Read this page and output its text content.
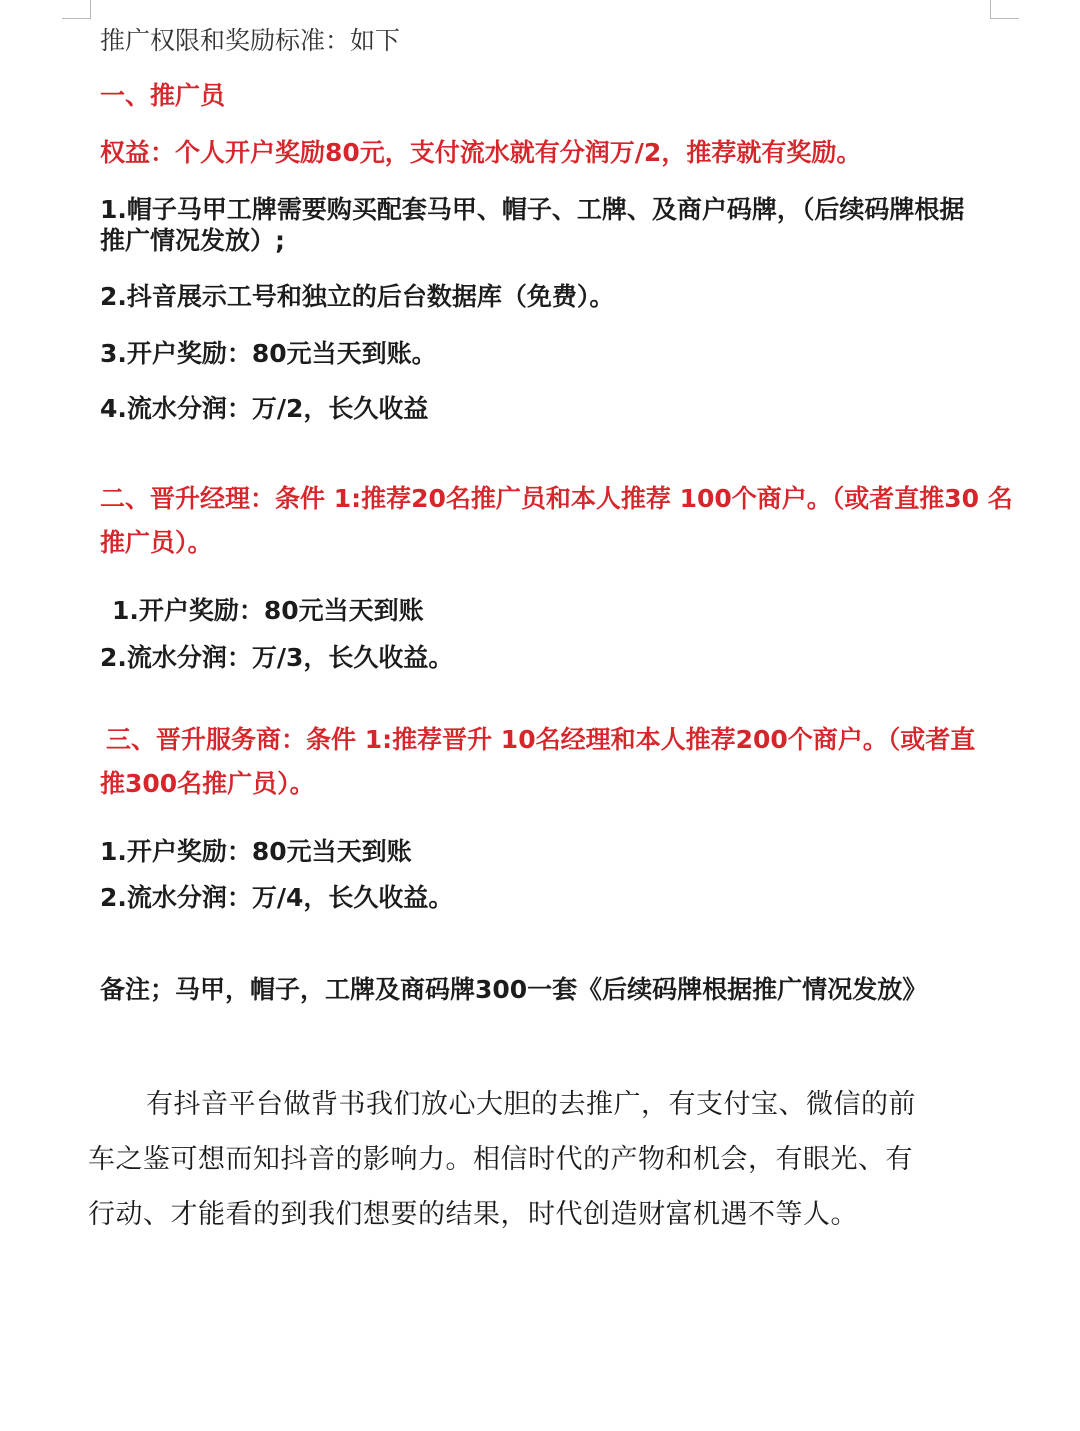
推广权限和奖励标准：如下
一、推广员
权益：个人开户奖励80元，支付流水就有分润万/2，推荐就有奖励。
1.帽子马甲工牌需要购买配套马甲、帽子、工牌、及商户码牌，（后续码牌根据
推广情况发放）;
2.抖音展示工号和独立的后台数据库（免费）。
3.开户奖励：80元当天到账。
4.流水分润：万/2，长久收益
二、晋升经理：条件 1:推荐20名推广员和本人推荐 100个商户。（或者直推30 名
推广员）。
1.开户奖励：80元当天到账
2.流水分润：万/3，长久收益。
三、晋升服务商：条件 1:推荐晋升 10名经理和本人推荐200个商户。（或者直
推300名推广员）。
1.开户奖励：80元当天到账
2.流水分润：万/4，长久收益。
备注；马甲，帽子，工牌及商码牌300一套《后续码牌根据推广情况发放》
有抖音平台做背书我们放心大胆的去推广，有支付宝、微信的前
车之鉴可想而知抖音的影响力。相信时代的产物和机会，有眼光、有
行动、才能看的到我们想要的结果，时代创造财富机遇不等人。
